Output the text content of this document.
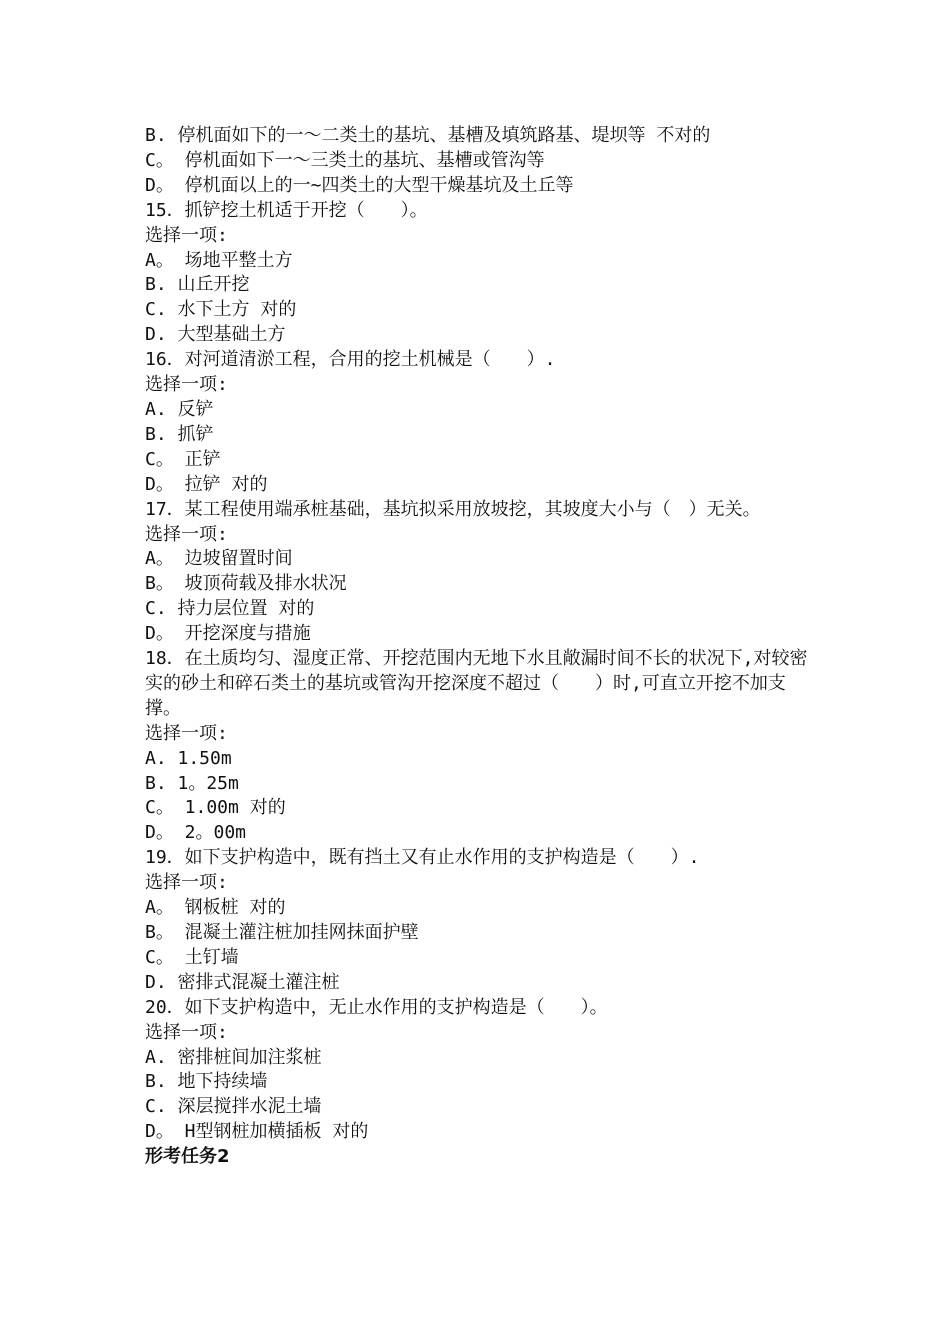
B. 停机面如下的一～二类土的基坑、基槽及填筑路基、堤坝等 不对的
C。 停机面如下一～三类土的基坑、基槽或管沟等
D。 停机面以上的一~四类土的大型干燥基坑及土丘等
15．抓铲挖土机适于开挖（　　）。
选择一项:
A。 场地平整土方
B. 山丘开挖
C. 水下土方 对的
D. 大型基础土方
16．对河道清淤工程，合用的挖土机械是（　　）.
选择一项:
A. 反铲
B. 抓铲
C。 正铲
D。 拉铲 对的
17．某工程使用端承桩基础，基坑拟采用放坡挖，其坡度大小与（　）无关。
选择一项:
A。 边坡留置时间
B。 坡顶荷载及排水状况
C. 持力层位置 对的
D。 开挖深度与措施
18．在土质均匀、湿度正常、开挖范围内无地下水且敞漏时间不长的状况下,对较密实的砂土和碎石类土的基坑或管沟开挖深度不超过（　　）时,可直立开挖不加支撑。
选择一项:
A. 1.50m
B. 1。25m
C。 1.00m 对的
D。 2。00m
19．如下支护构造中，既有挡土又有止水作用的支护构造是（　　）.
选择一项:
A。 钢板桩 对的
B。 混凝土灌注桩加挂网抹面护壁
C。 土钉墙
D. 密排式混凝土灌注桩
20．如下支护构造中，无止水作用的支护构造是（　　）。
选择一项:
A. 密排桩间加注浆桩
B. 地下持续墙
C. 深层搅拌水泥土墙
D。 H型钢桩加横插板 对的
形考任务2
